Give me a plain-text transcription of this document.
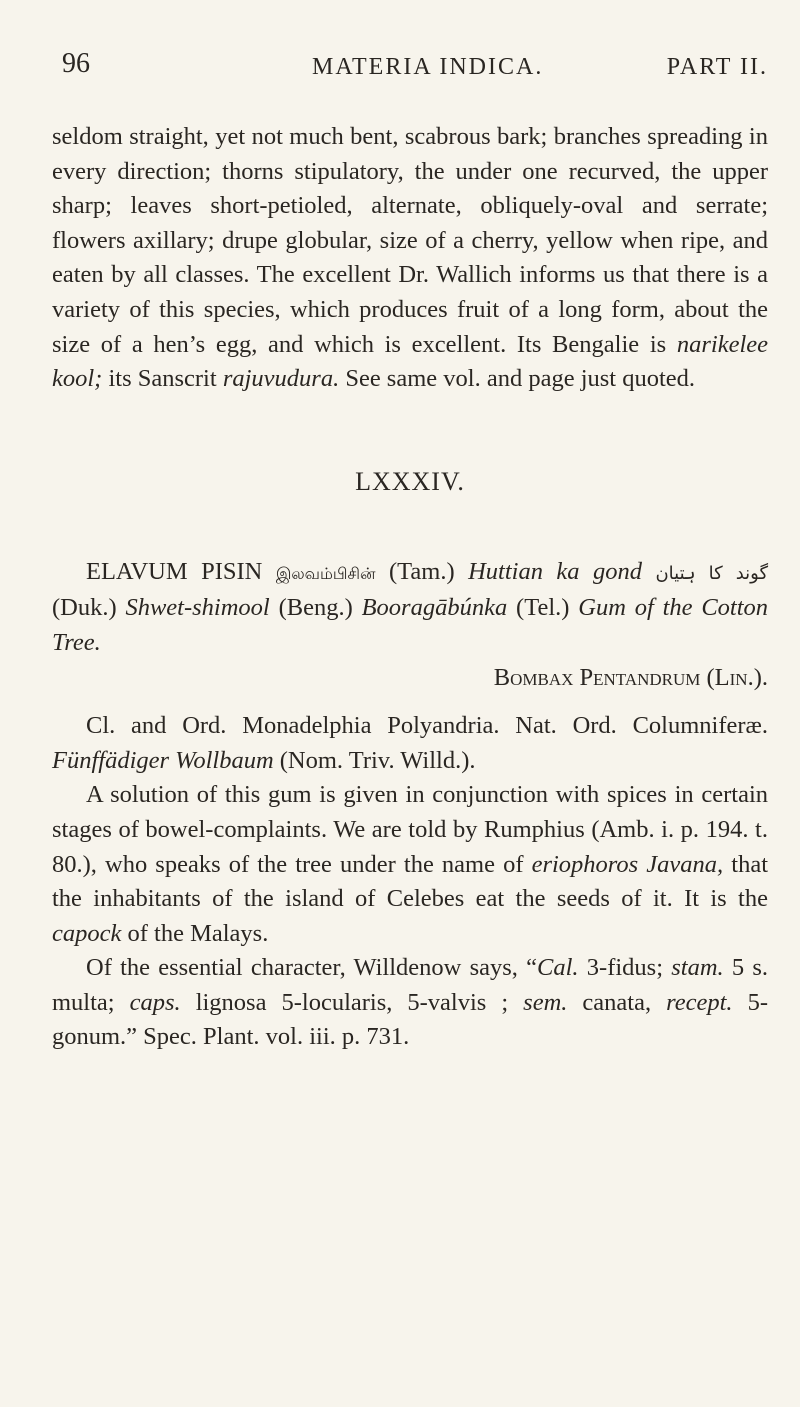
96	MATERIA INDICA.	PART II.

seldom straight, yet not much bent, scabrous bark; branches spreading in every direction; thorns stipulatory, the under one recurved, the upper sharp; leaves short-petioled, alternate, obliquely-oval and serrate; flowers axillary; drupe globular, size of a cherry, yellow when ripe, and eaten by all classes. The excellent Dr. Wallich informs us that there is a variety of this species, which produces fruit of a long form, about the size of a hen’s egg, and which is excellent. Its Bengalie is narikelee kool; its Sanscrit rajuvudura. See same vol. and page just quoted.

LXXXIV.

ELAVUM PISIN இலவம்பிசின் (Tam.) Huttian ka gond گوند کا ہتیان (Duk.) Shwet-shimool (Beng.) Booragābúnka (Tel.) Gum of the Cotton Tree.

Bombax Pentandrum (Lin.).

Cl. and Ord. Monadelphia Polyandria. Nat. Ord. Columniferæ. Fünffädiger Wollbaum (Nom. Triv. Willd.).

A solution of this gum is given in conjunction with spices in certain stages of bowel-complaints. We are told by Rumphius (Amb. i. p. 194. t. 80.), who speaks of the tree under the name of eriophoros Javana, that the inhabitants of the island of Celebes eat the seeds of it. It is the capock of the Malays.

Of the essential character, Willdenow says, “Cal. 3-fidus; stam. 5 s. multa; caps. lignosa 5-locularis, 5-valvis ; sem. canata, recept. 5-gonum.” Spec. Plant. vol. iii. p. 731.
